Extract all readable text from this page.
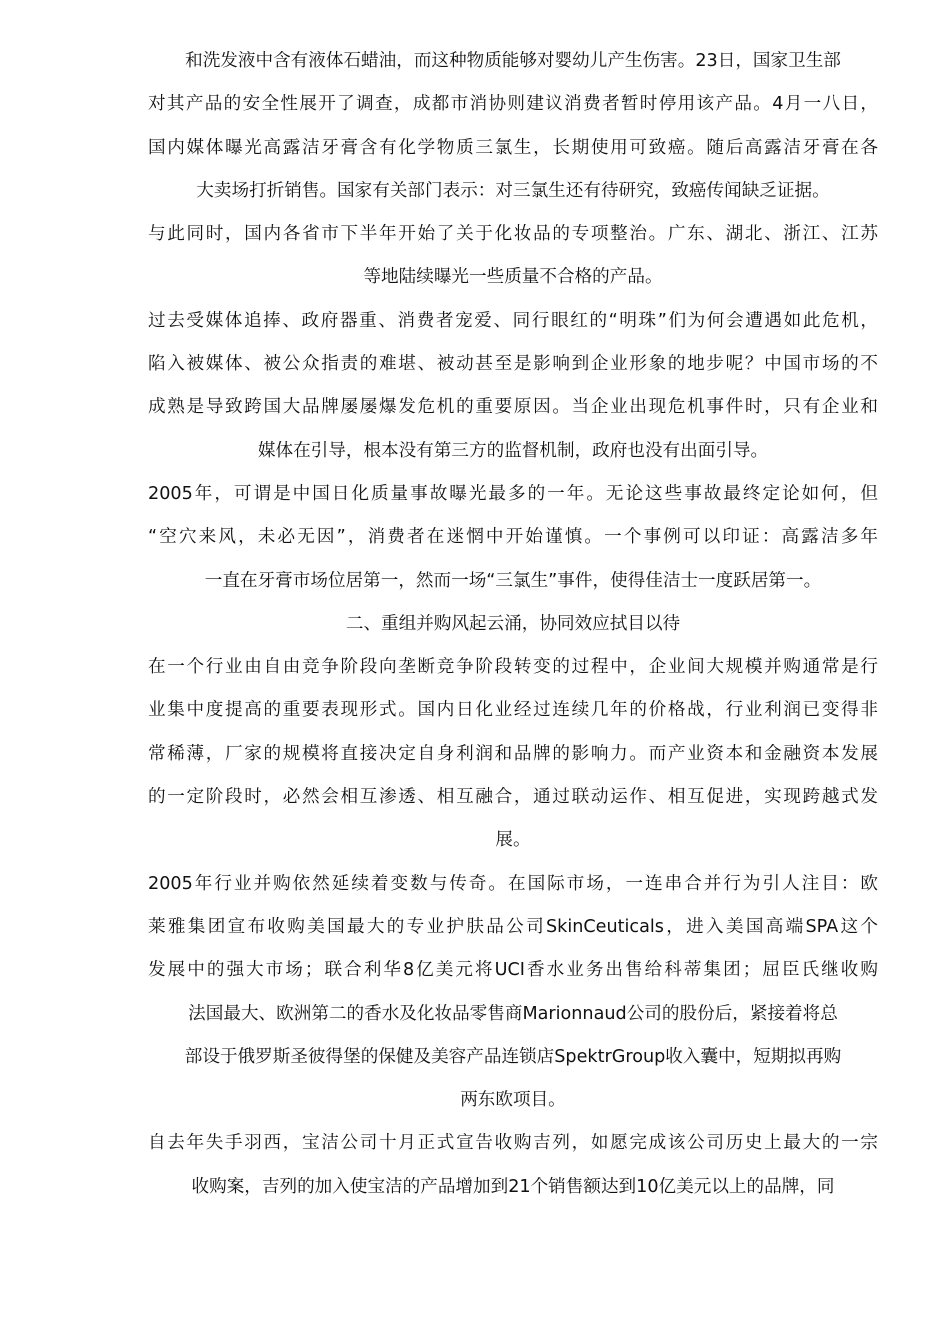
和洗发液中含有液体石蜡油，而这种物质能够对婴幼儿产生伤害。23日，国家卫生部
对其产品的安全性展开了调查，成都市消协则建议消费者暂时停用该产品。4月一八日，
国内媒体曝光高露洁牙膏含有化学物质三氯生，长期使用可致癌。随后高露洁牙膏在各
大卖场打折销售。国家有关部门表示：对三氯生还有待研究，致癌传闻缺乏证据。
与此同时，国内各省市下半年开始了关于化妆品的专项整治。广东、湖北、浙江、江苏
等地陆续曝光一些质量不合格的产品。
过去受媒体追捧、政府器重、消费者宠爱、同行眼红的“明珠”们为何会遭遇如此危机，
陷入被媒体、被公众指责的难堪、被动甚至是影响到企业形象的地步呢？中国市场的不
成熟是导致跨国大品牌屡屡爆发危机的重要原因。当企业出现危机事件时，只有企业和
媒体在引导，根本没有第三方的监督机制，政府也没有出面引导。
2005年，可谓是中国日化质量事故曝光最多的一年。无论这些事故最终定论如何，但
“空穴来风，未必无因”，消费者在迷惘中开始谨慎。一个事例可以印证：高露洁多年
一直在牙膏市场位居第一，然而一场“三氯生”事件，使得佳洁士一度跃居第一。
二、重组并购风起云涌，协同效应拭目以待
在一个行业由自由竞争阶段向垄断竞争阶段转变的过程中，企业间大规模并购通常是行
业集中度提高的重要表现形式。国内日化业经过连续几年的价格战，行业利润已变得非
常稀薄，厂家的规模将直接决定自身利润和品牌的影响力。而产业资本和金融资本发展
的一定阶段时，必然会相互渗透、相互融合，通过联动运作、相互促进，实现跨越式发
展。
2005年行业并购依然延续着变数与传奇。在国际市场，一连串合并行为引人注目：欧
莱雅集团宣布收购美国最大的专业护肤品公司SkinCeuticals，进入美国高端SPA这个
发展中的强大市场；联合利华8亿美元将UCI香水业务出售给科蒂集团；屈臣氏继收购
法国最大、欧洲第二的香水及化妆品零售商Marionnaud公司的股份后，紧接着将总
部设于俄罗斯圣彼得堡的保健及美容产品连锁店SpektrGroup收入囊中，短期拟再购
两东欧项目。
自去年失手羽西，宝洁公司十月正式宣告收购吉列，如愿完成该公司历史上最大的一宗
收购案，吉列的加入使宝洁的产品增加到21个销售额达到10亿美元以上的品牌，同
